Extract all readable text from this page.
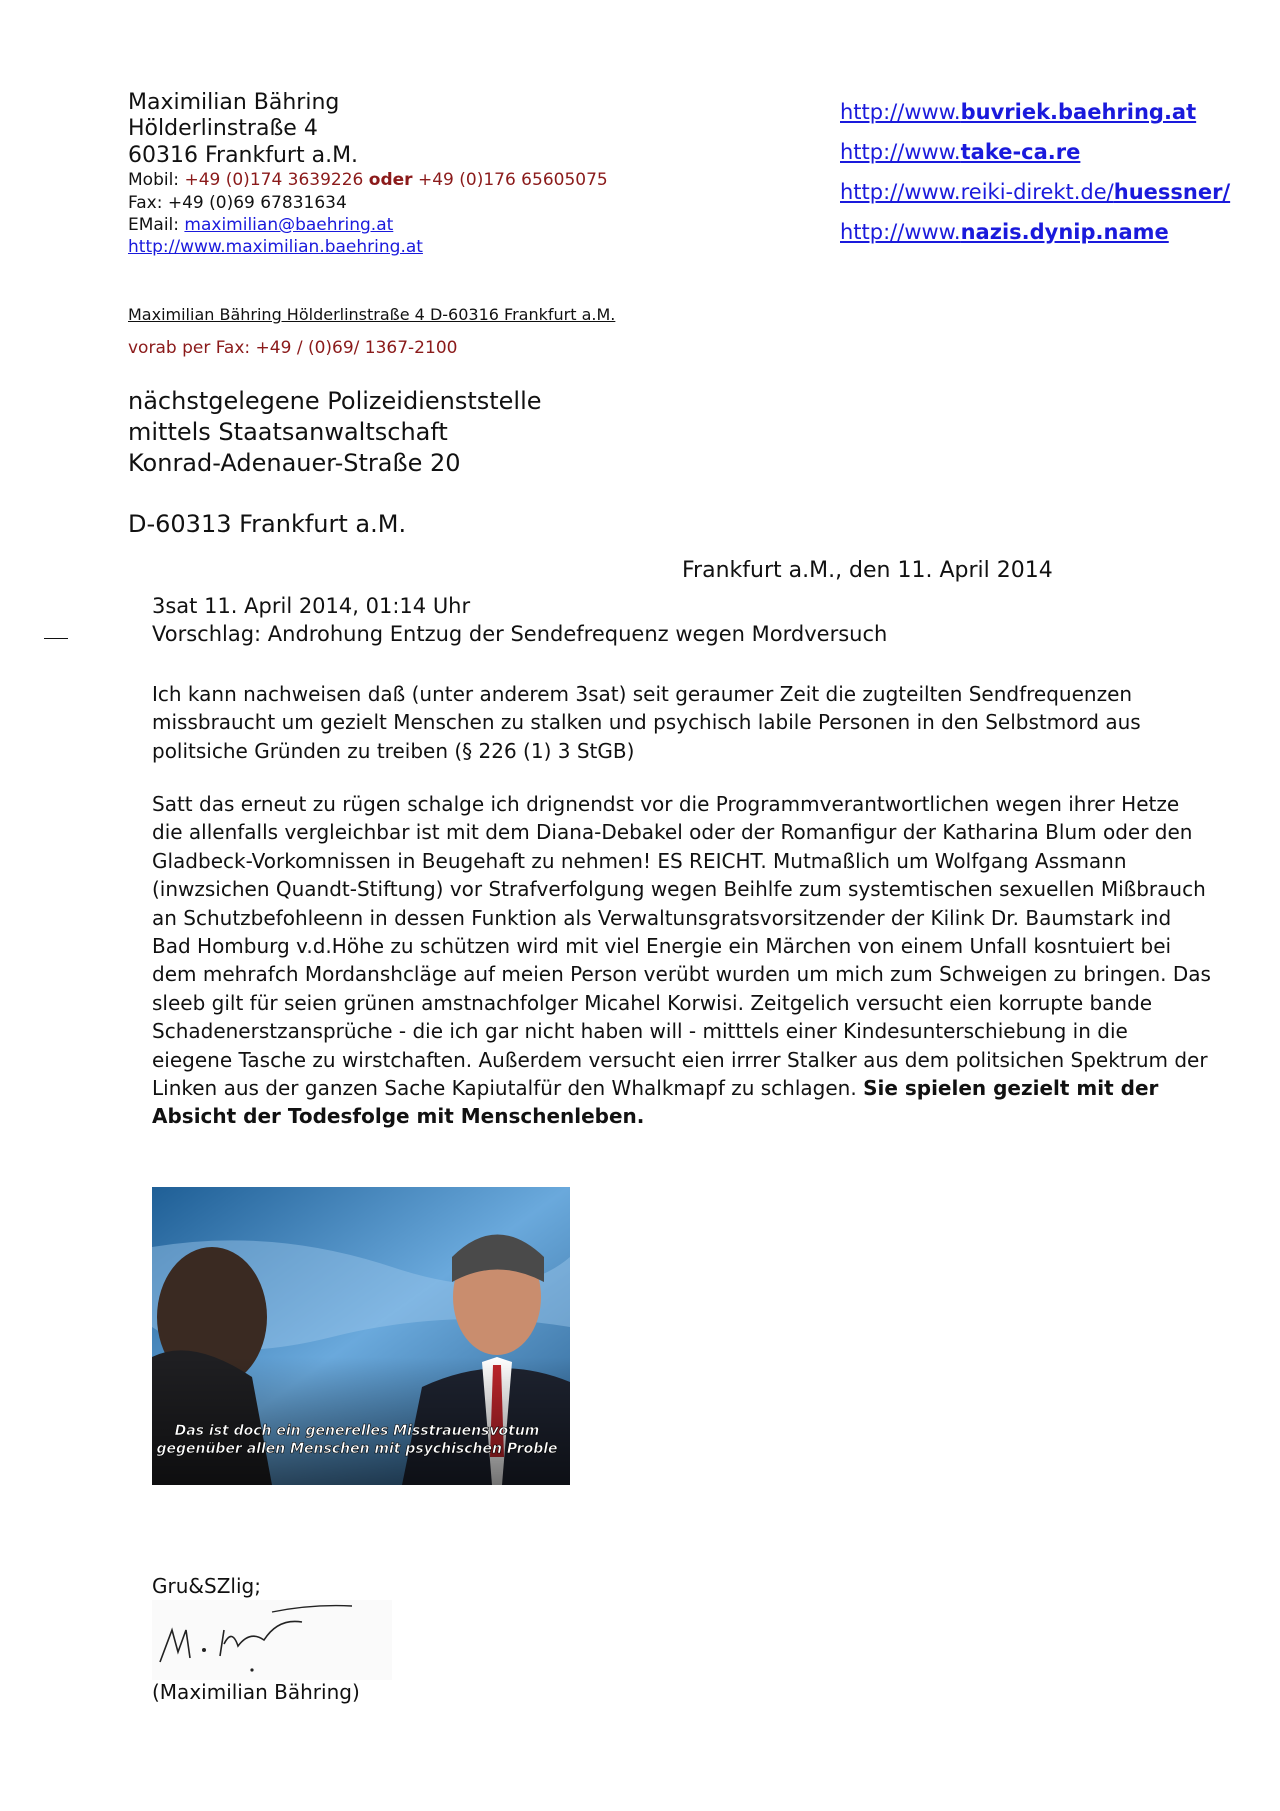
Maximilian Bähring
Hölderlinstraße 4
60316 Frankfurt a.M.
Mobil: +49 (0)174 3639226 oder +49 (0)176 65605075
Fax: +49 (0)69 67831634
EMail: maximilian@baehring.at
http://www.maximilian.baehring.at
http://www.buvriek.baehring.at
http://www.take-ca.re
http://www.reiki-direkt.de/huessner/
http://www.nazis.dynip.name
Maximilian Bähring Hölderlinstraße 4 D-60316 Frankfurt a.M.
vorab per Fax: +49 / (0)69/ 1367-2100
nächstgelegene Polizeidienststelle
mittels Staatsanwaltschaft
Konrad-Adenauer-Straße 20
D-60313 Frankfurt a.M.
Frankfurt a.M., den 11. April 2014
3sat 11. April 2014, 01:14 Uhr
Vorschlag: Androhung Entzug der Sendefrequenz wegen Mordversuch
Ich kann nachweisen daß (unter anderem 3sat) seit geraumer Zeit die zugteilten Sendfrequenzen missbraucht um gezielt Menschen zu stalken und psychisch labile Personen in den Selbstmord aus politsiche Gründen zu treiben (§ 226 (1) 3 StGB)
Satt das erneut zu rügen schalge ich drignendst vor die Programmverantwortlichen wegen ihrer Hetze die allenfalls vergleichbar ist mit dem Diana-Debakel oder der Romanfigur der Katharina Blum oder den Gladbeck-Vorkomnissen in Beugehaft zu nehmen! ES REICHT. Mutmaßlich um Wolfgang Assmann (inwzsichen Quandt-Stiftung) vor Strafverfolgung wegen Beihlfe zum systemtischen sexuellen Mißbrauch an Schutzbefohleenn in dessen Funktion als Verwaltunsgratsvorsitzender der Kilink Dr. Baumstark ind Bad Homburg v.d.Höhe zu schützen wird mit viel Energie ein Märchen von einem Unfall kosntuiert bei dem mehrafch Mordanshcläge auf meien Person verübt wurden um mich zum Schweigen zu bringen. Das sleeb gilt für seien grünen amstnachfolger Micahel Korwisi. Zeitgelich versucht eien korrupte bande Schadenerstzansprüche - die ich gar nicht haben will - mitttels einer Kindesunterschiebung in die eiegene Tasche zu wirstchaften. Außerdem versucht eien irrrer Stalker aus dem politsichen Spektrum der Linken aus der ganzen Sache Kapiutalfür den Whalkmapf zu schlagen. Sie spielen gezielt mit der Absicht der Todesfolge mit Menschenleben.
Das ist doch ein generelles Misstrauensvotum
gegenüber allen Menschen mit psychischen Proble
Gru&SZlig;
(Maximilian Bähring)
